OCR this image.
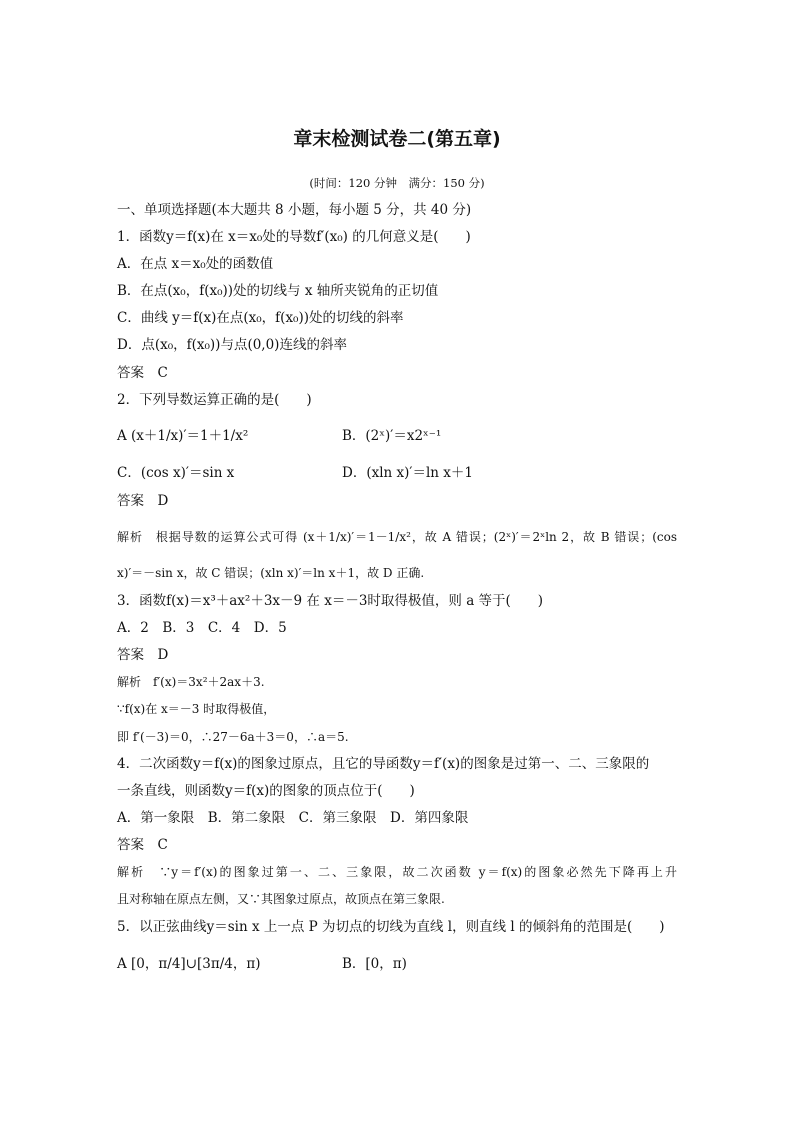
章末检测试卷二(第五章)
(时间：120 分钟　满分：150 分)
一、单项选择题(本大题共 8 小题，每小题 5 分，共 40 分)
1．函数y＝f(x)在 x＝x₀处的导数f′(x₀) 的几何意义是(　　)
A．在点 x＝x₀处的函数值
B．在点(x₀，f(x₀))处的切线与 x 轴所夹锐角的正切值
C．曲线 y＝f(x)在点(x₀，f(x₀))处的切线的斜率
D．点(x₀，f(x₀))与点(0,0)连线的斜率
答案　C
2．下列导数运算正确的是(　　)
A (x＋1/x)′＝1＋1/x²	B．(2ˣ)′＝x2ˣ⁻¹
C．(cos x)′＝sin x	D．(xln x)′＝ln x＋1
答案　D
解析　根据导数的运算公式可得 (x＋1/x)′＝1－1/x²，故 A 错误；(2ˣ)′＝2ˣln 2，故 B 错误；(cos
x)′＝－sin x，故 C 错误；(xln x)′＝ln x＋1，故 D 正确.
3．函数f(x)＝x³＋ax²＋3x－9 在 x＝－3时取得极值，则 a 等于(　　)
A．2　B．3　C．4　D．5
答案　D
解析　f′(x)＝3x²＋2ax＋3.
∵f(x)在 x＝－3 时取得极值，
即 f′(－3)＝0，∴27－6a＋3＝0，∴a＝5.
4．二次函数y＝f(x)的图象过原点，且它的导函数y＝f′(x)的图象是过第一、二、三象限的
一条直线，则函数y＝f(x)的图象的顶点位于(　　)
A．第一象限　B．第二象限　C．第三象限　D．第四象限
答案　C
解析　∵y＝f′(x)的图象过第一、二、三象限，故二次函数 y＝f(x)的图象必然先下降再上升
且对称轴在原点左侧，又∵其图象过原点，故顶点在第三象限.
5．以正弦曲线y＝sin x 上一点 P 为切点的切线为直线 l，则直线 l 的倾斜角的范围是(　　)
A [0，π/4]∪[3π/4，π)	B．[0，π)
